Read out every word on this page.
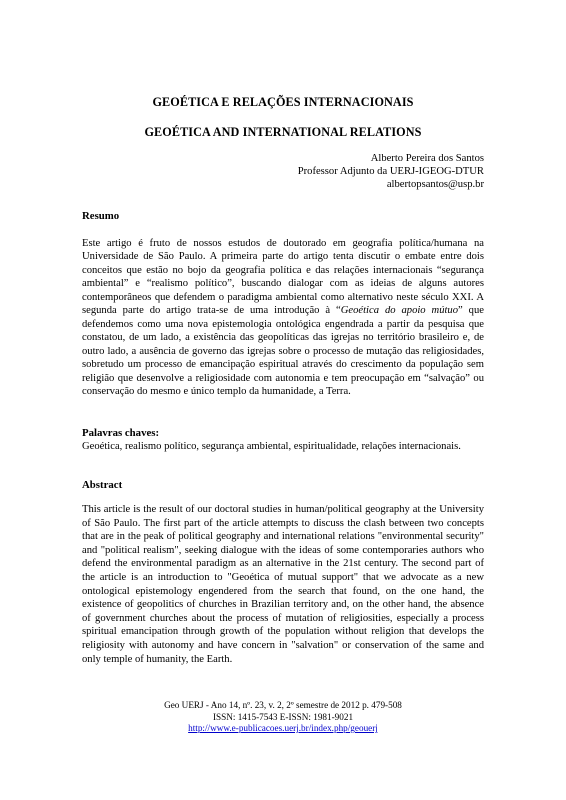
GEOÉTICA E RELAÇÕES INTERNACIONAIS
GEOÉTICA AND INTERNATIONAL RELATIONS
Alberto Pereira dos Santos
Professor Adjunto da UERJ-IGEOG-DTUR
albertopsantos@usp.br
Resumo
Este artigo é fruto de nossos estudos de doutorado em geografia política/humana na Universidade de São Paulo. A primeira parte do artigo tenta discutir o embate entre dois conceitos que estão no bojo da geografia política e das relações internacionais “segurança ambiental” e “realismo político”, buscando dialogar com as ideias de alguns autores contemporâneos que defendem o paradigma ambiental como alternativo neste século XXI. A segunda parte do artigo trata-se de uma introdução à “Geoética do apoio mútuo” que defendemos como uma nova epistemologia ontológica engendrada a partir da pesquisa que constatou, de um lado, a existência das geopolíticas das igrejas no território brasileiro e, de outro lado, a ausência de governo das igrejas sobre o processo de mutação das religiosidades, sobretudo um processo de emancipação espiritual através do crescimento da população sem religião que desenvolve a religiosidade com autonomia e tem preocupação em “salvação” ou conservação do mesmo e único templo da humanidade, a Terra.
Palavras chaves:
Geoética, realismo político, segurança ambiental, espiritualidade, relações internacionais.
Abstract
This article is the result of our doctoral studies in human/political geography at the University of São Paulo. The first part of the article attempts to discuss the clash between two concepts that are in the peak of political geography and international relations "environmental security" and "political realism", seeking dialogue with the ideas of some contemporaries authors who defend the environmental paradigm as an alternative in the 21st century. The second part of the article is an introduction to "Geoética of mutual support" that we advocate as a new ontological epistemology engendered from the search that found, on the one hand, the existence of geopolitics of churches in Brazilian territory and, on the other hand, the absence of government churches about the process of mutation of religiosities, especially a process spiritual emancipation through growth of the population without religion that develops the religiosity with autonomy and have concern in "salvation" or conservation of the same and only temple of humanity, the Earth.
Geo UERJ - Ano 14, nº. 23, v. 2, 2º semestre de 2012 p. 479-508
ISSN: 1415-7543 E-ISSN: 1981-9021
http://www.e-publicacoes.uerj.br/index.php/geouerj
